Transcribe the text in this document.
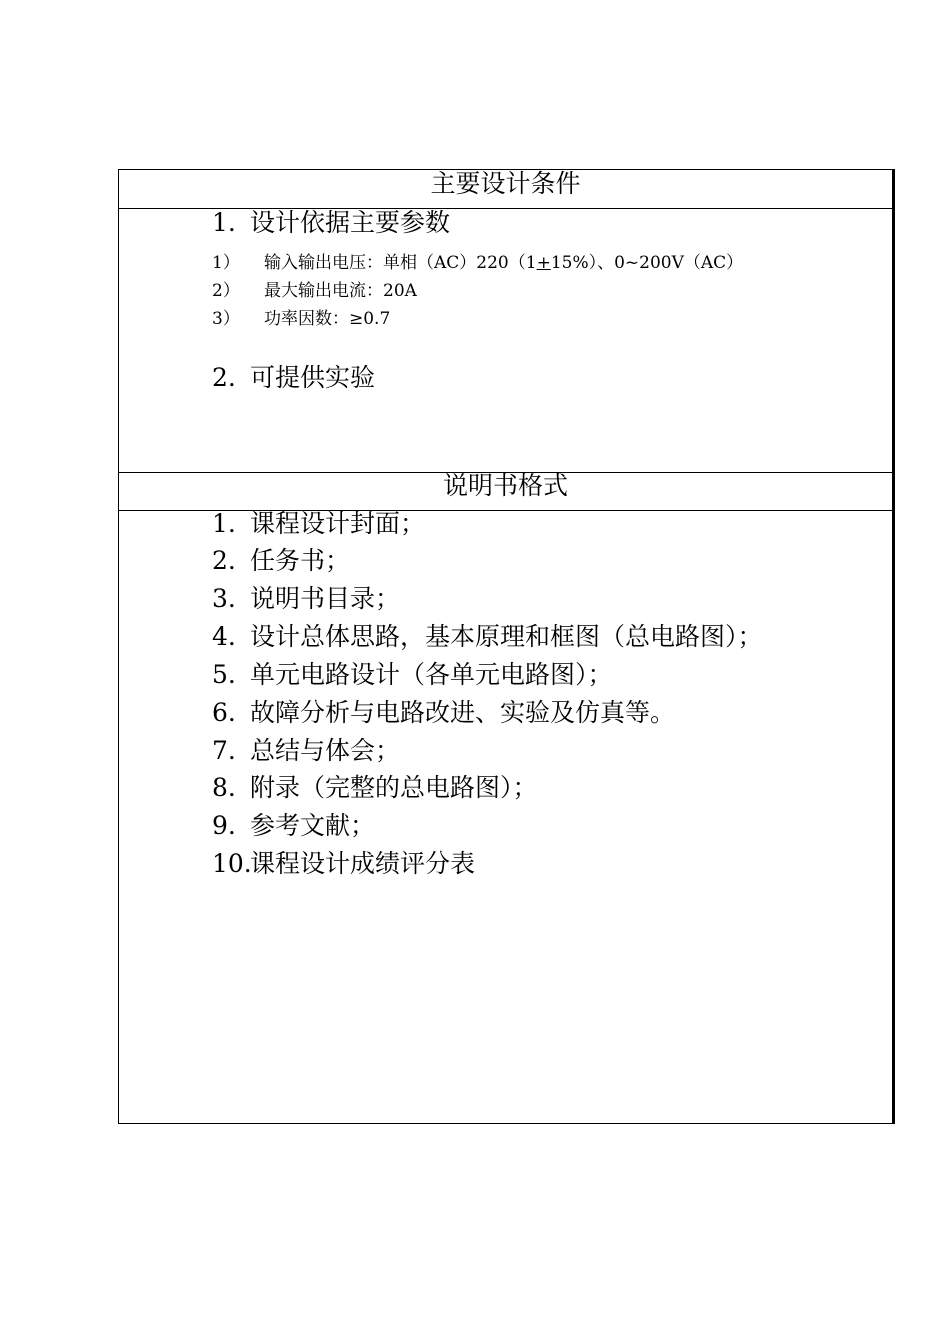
主要设计条件
1. 设计依据主要参数
1） 输入输出电压：单相（AC）220（1+15%）、0~200V（AC）
2） 最大输出电流：20A
3） 功率因数：≥0.7
2. 可提供实验
说明书格式
1. 课程设计封面；
2. 任务书；
3. 说明书目录；
4. 设计总体思路，基本原理和框图（总电路图）；
5. 单元电路设计（各单元电路图）；
6. 故障分析与电路改进、实验及仿真等。
7. 总结与体会；
8. 附录（完整的总电路图）；
9. 参考文献；
10.课程设计成绩评分表
